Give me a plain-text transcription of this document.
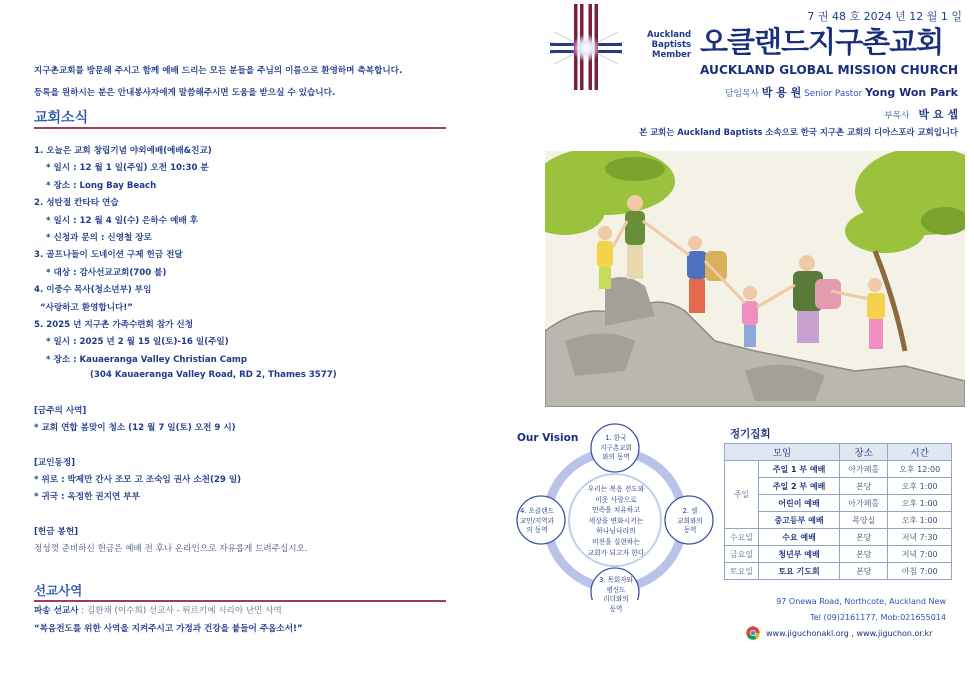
지구촌교회를 방문해 주시고 함께 예배 드리는 모든 분들을 주님의 이름으로 환영하며 축복합니다.
등록을 원하시는 분은 안내봉사자에게 말씀해주시면 도움을 받으실 수 있습니다.
교회소식
1. 오늘은 교회 창립기념 야외예배(예배&친교)
* 일시 : 12 월 1 일(주일) 오전 10:30 분
* 장소 : Long Bay Beach
2. 성탄절 칸타타 연습
* 일시 : 12 월 4 일(수) 은하수 예배 후
* 신청과 문의 : 신영철 장로
3. 골프나들이 도네이션 구제 헌금 전달
* 대상 : 감사선교교회(700 불)
4. 이중수 목사(청소년부) 부임
“사랑하고 환영합니다!”
5. 2025 년 지구촌 가족수련회 참가 신청
* 일시 : 2025 년 2 월 15 일(토)-16 일(주일)
* 장소 : Kauaeranga Valley Christian Camp
(304 Kauaeranga Valley Road, RD 2, Thames 3577)
[금주의 사역]
* 교회 연합 봄맞이 청소 (12 월 7 일(토) 오전 9 시)
[교인동정]
* 위로 : 박제만 간사 조모 고 조숙임 권사 소천(29 일)
* 귀국 : 옥정한 권지연 부부
[헌금 봉헌]
정성껏 준비하신 헌금은 예배 전 후나 온라인으로 자유롭게 드려주십시오.
선교사역
파송 선교사 : 김환채 (이수희) 선교사 - 튀르키예 시리아 난민 사역
“복음전도를 위한 사역을 지켜주시고 가정과 건강을 붙들어 주옵소서!”
7 권 48 호 2024 년 12 월 1 일
Auckland
Baptists
Member 오클랜드지구촌교회
AUCKLAND GLOBAL MISSION CHURCH
담임목사 박 용 원 Senior Pastor Yong Won Park
부목사 박 요 셉
본 교회는 Auckland Baptists 소속으로 한국 지구촌 교회의 디아스포라 교회입니다
Our Vision	1. 한국
지구촌교회
와의 동역
2. 셀
교회와의
동역
3. 목회자와
평신도
리더와의
동역
4. 오클랜드
교민/지역과
의 동역
우리는 복음 전도와
이웃 사랑으로
민족을 치유하고
세상을 변화시키는
하나님나라의
비전을 실현하는
교회가 되고자 한다
정기집회
모임		장소	시간
주일	주일 1 부 예배	아가페홀	오후 12:00
	주일 2 부 예배	본당	오후 1:00
	어린이 예배	아가페홀	오후 1:00
	중고등부 예배	목양실	오후 1:00
수요일	수요 예배	본당	저녁 7:30
금요일	청년부 예배	본당	저녁 7:00
토요일	토요 기도회	본당	아침 7:00
97 Onewa Road, Northcote, Auckland New
Tel (09)2161177, Mob:021655014
www.jiguchonakl.org , www.jiguchon.or.kr
